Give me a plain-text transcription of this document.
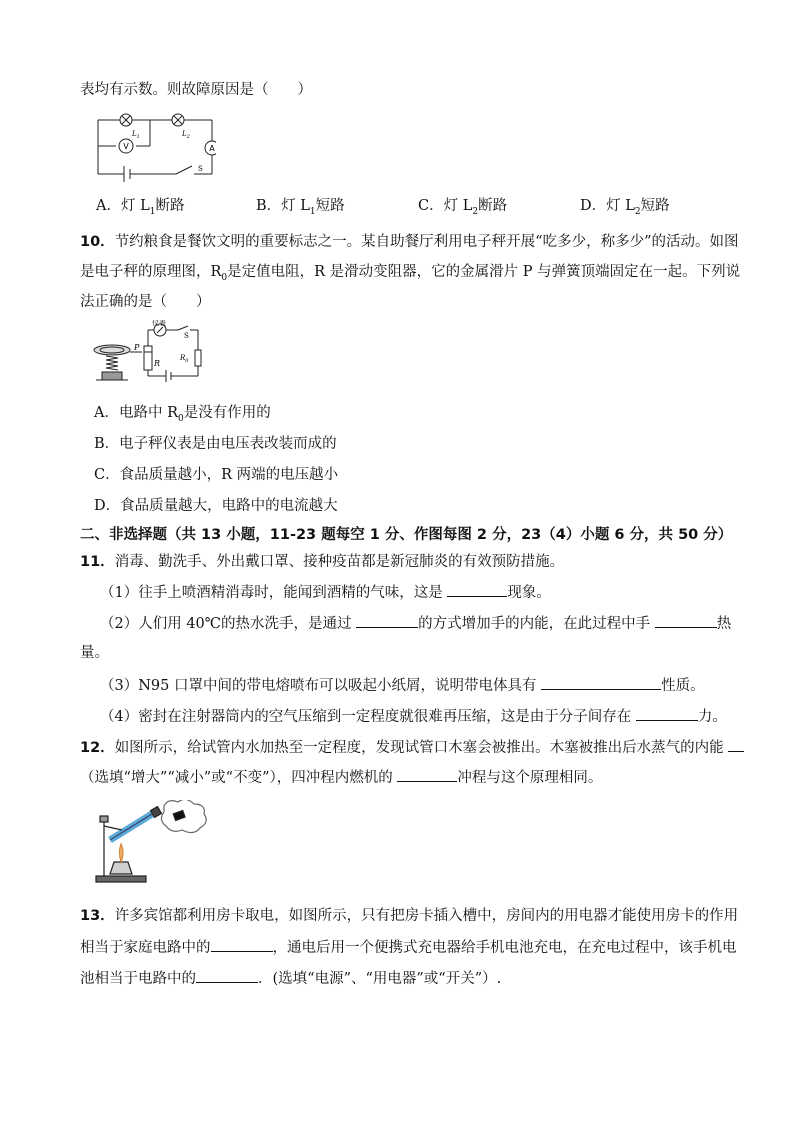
表均有示数。则故障原因是（　　）
V	A
$L_1$	$L_2$
S
A．灯 $L_1$断路	B．灯 $L_1$短路	C．灯 $L_2$断路	D．灯 $L_2$短路
10．节约粮食是餐饮文明的重要标志之一。某自助餐厅利用电子秤开展“吃多少，称多少”的活动。如图
是电子秤的原理图，$R_0$是定值电阻，R 是滑动变阻器，它的金属滑片 P 与弹簧顶端固定在一起。下列说
法正确的是（　　）
仪表
S
P
R
$R_0$
A．电路中 $R_0$是没有作用的
B．电子秤仪表是由电压表改装而成的
C．食品质量越小，R 两端的电压越小
D．食品质量越大，电路中的电流越大
二、非选择题（共 13 小题，11-23 题每空 1 分、作图每图 2 分，23（4）小题 6 分，共 50 分）
11．消毒、勤洗手、外出戴口罩、接种疫苗都是新冠肺炎的有效预防措施。
（1）往手上喷酒精消毒时，能闻到酒精的气味，这是	现象。
（2）人们用 40℃的热水洗手，是通过	的方式增加手的内能，在此过程中手	热
量。
（3）N95 口罩中间的带电熔喷布可以吸起小纸屑，说明带电体具有	性质。
（4）密封在注射器筒内的空气压缩到一定程度就很难再压缩，这是由于分子间存在	力。
12．如图所示，给试管内水加热至一定程度，发现试管口木塞会被推出。木塞被推出后水蒸气的内能
（选填“增大”“减小”或“不变”），四冲程内燃机的	冲程与这个原理相同。
13．许多宾馆都利用房卡取电，如图所示，只有把房卡插入槽中，房间内的用电器才能使用房卡的作用
相当于家庭电路中的	，通电后用一个便携式充电器给手机电池充电，在充电过程中，该手机电
池相当于电路中的	．(选填“电源”、“用电器”或“开关”）.
